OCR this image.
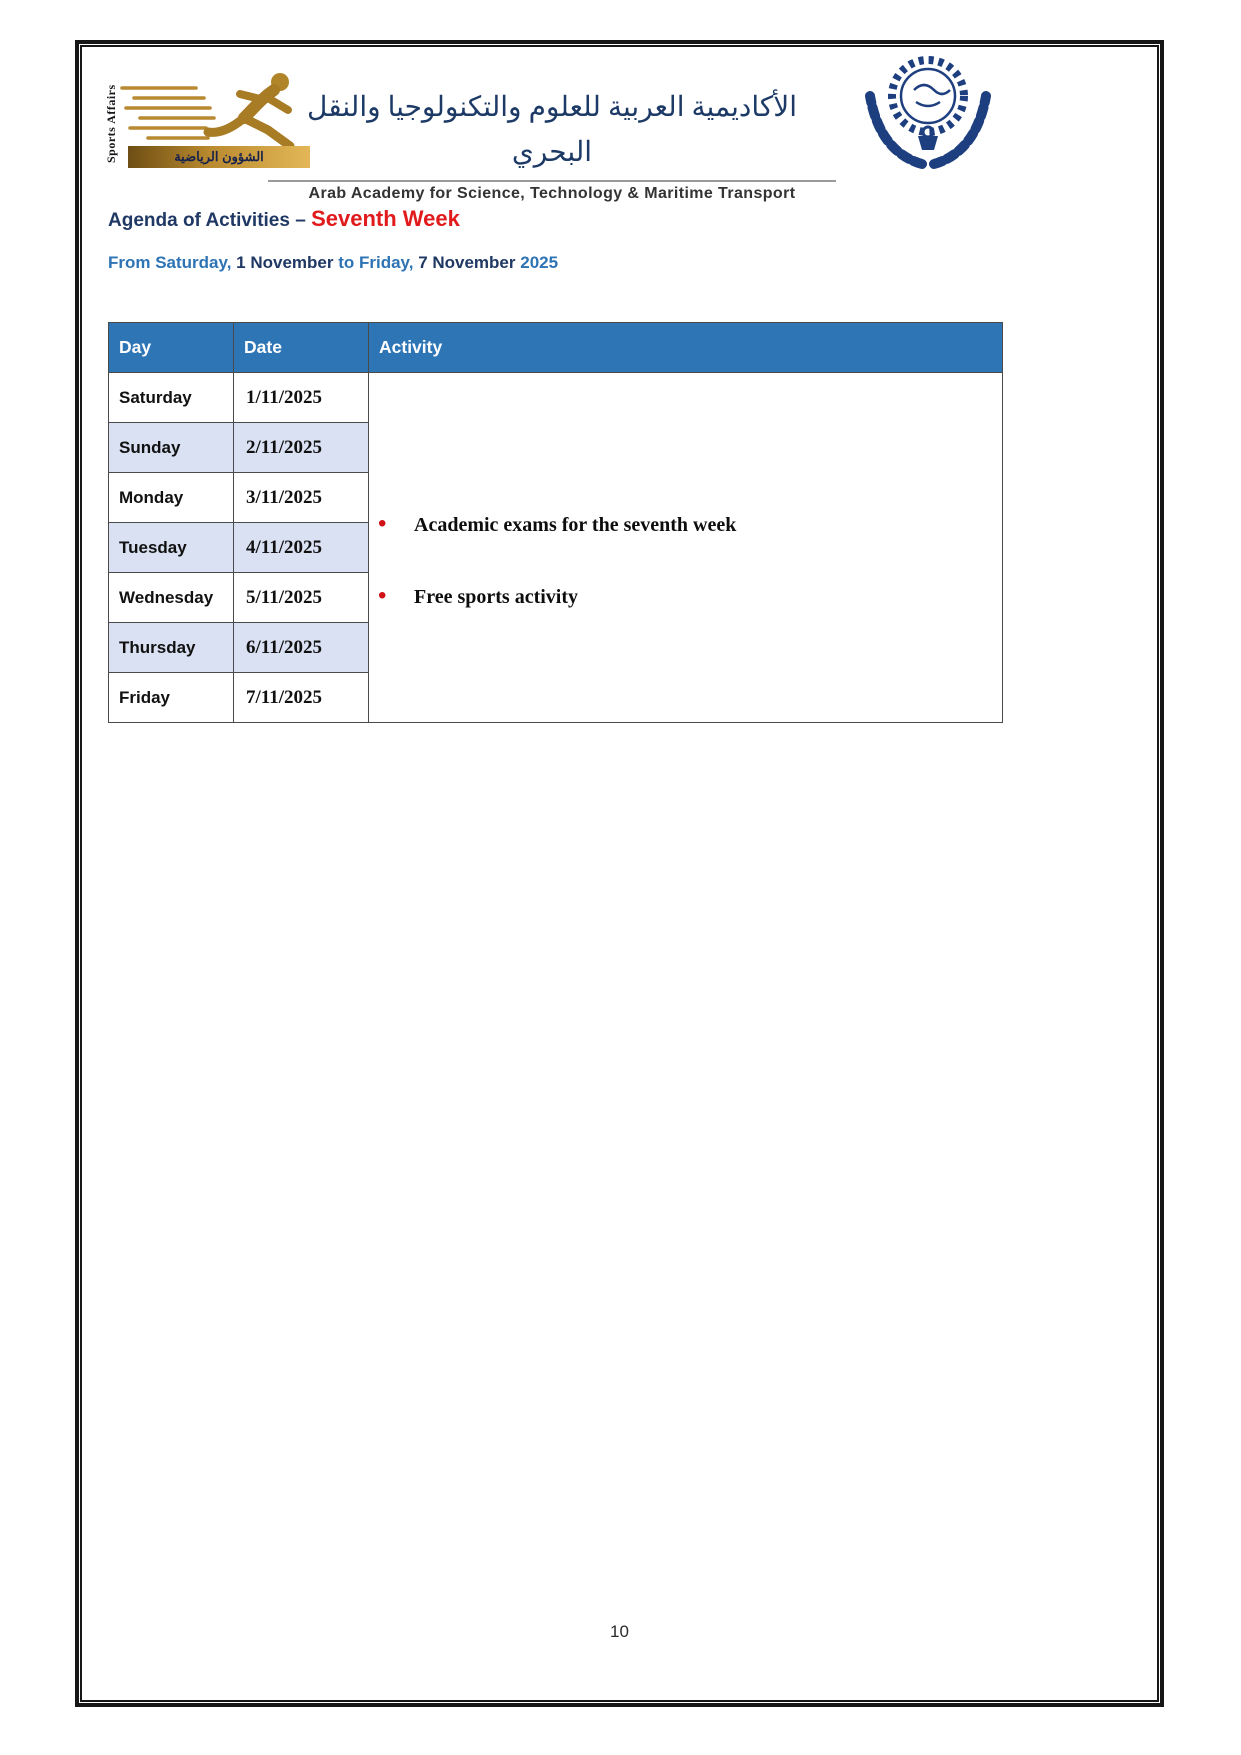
Sports Affairs	الشؤون الرياضية
الأكاديمية العربية للعلوم والتكنولوجيا والنقل البحري
Arab Academy for Science, Technology & Maritime Transport
Agenda of Activities – Seventh Week
From Saturday, 1 November to Friday, 7 November 2025
Day	Date	Activity
Saturday	1/11/2025	• Academic exams for the seventh week
• Free sports activity

Sunday	2/11/2025	
Monday	3/11/2025	
Tuesday	4/11/2025	
Wednesday	5/11/2025	
Thursday	6/11/2025	
Friday	7/11/2025	
10
